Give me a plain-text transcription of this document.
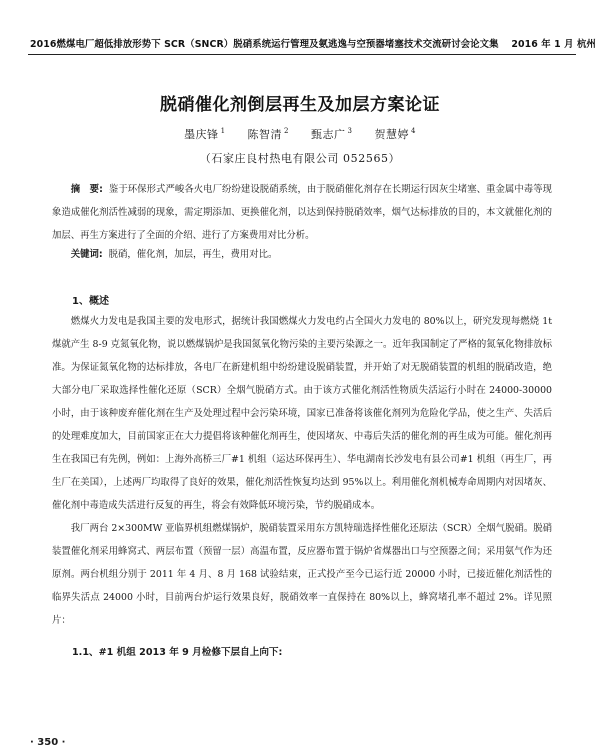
2016燃煤电厂超低排放形势下 SCR（SNCR）脱硝系统运行管理及氨逃逸与空预器堵塞技术交流研讨会论文集　 2016 年 1 月 杭州
脱硝催化剂倒层再生及加层方案论证
墨庆锋 $^1$ 陈智清 $^2$ 甄志广 $^3$ 贺慧婷 $^4$
（石家庄良村热电有限公司 052565）
摘　要: 鉴于环保形式严峻各火电厂纷纷建设脱硝系统，由于脱硝催化剂存在长期运行因灰尘堵塞、重金属中毒等现象造成催化剂活性减弱的现象，需定期添加、更换催化剂，以达到保持脱硝效率，烟气达标排放的目的，本文就催化剂的加层、再生方案进行了全面的介绍、进行了方案费用对比分析。
关键词: 脱硝，催化剂，加层，再生，费用对比。
1、概述

燃煤火力发电是我国主要的发电形式，据统计我国燃煤火力发电约占全国火力发电的 80%以上，研究发现每燃烧 1t 煤就产生 8-9 克氮氧化物，说以燃煤锅炉是我国氮氧化物污染的主要污染源之一。近年我国制定了严格的氮氧化物排放标准。为保证氮氧化物的达标排放，各电厂在新建机组中纷纷建设脱硝装置，并开始了对无脱硝装置的机组的脱硝改造，绝大部分电厂采取选择性催化还原（SCR）全烟气脱硝方式。由于该方式催化剂活性物质失活运行小时在 24000-30000 小时，由于该种废弃催化剂在生产及处理过程中会污染环境，国家已准备将该催化剂列为危险化学品，使之生产、失活后的处理难度加大，目前国家正在大力提倡将该种催化剂再生，使因堵灰、中毒后失活的催化剂的再生成为可能。催化剂再生在我国已有先例，例如：上海外高桥三厂#1 机组（运达环保再生）、华电湖南长沙发电有县公司#1 机组（再生厂，再生厂在美国），上述两厂均取得了良好的效果，催化剂活性恢复均达到 95%以上。利用催化剂机械寿命周期内对因堵灰、催化剂中毒造成失活进行反复的再生，将会有效降低环境污染，节约脱硝成本。

我厂两台 2×300MW 亚临界机组燃煤锅炉，脱硝装置采用东方凯特瑞选择性催化还原法（SCR）全烟气脱硝。脱硝装置催化剂采用蜂窝式、两层布置（预留一层）高温布置，反应器布置于锅炉省煤器出口与空预器之间；采用氨气作为还原剂。两台机组分别于 2011 年 4 月、8 月 168 试验结束，正式投产至今已运行近 20000 小时，已接近催化剂活性的临界失活点 24000 小时，目前两台炉运行效果良好，脱硝效率一直保持在 80%以上，蜂窝堵孔率不超过 2%。详见照片：

1.1、#1 机组 2013 年 9 月检修下层自上向下:
· 350 ·
